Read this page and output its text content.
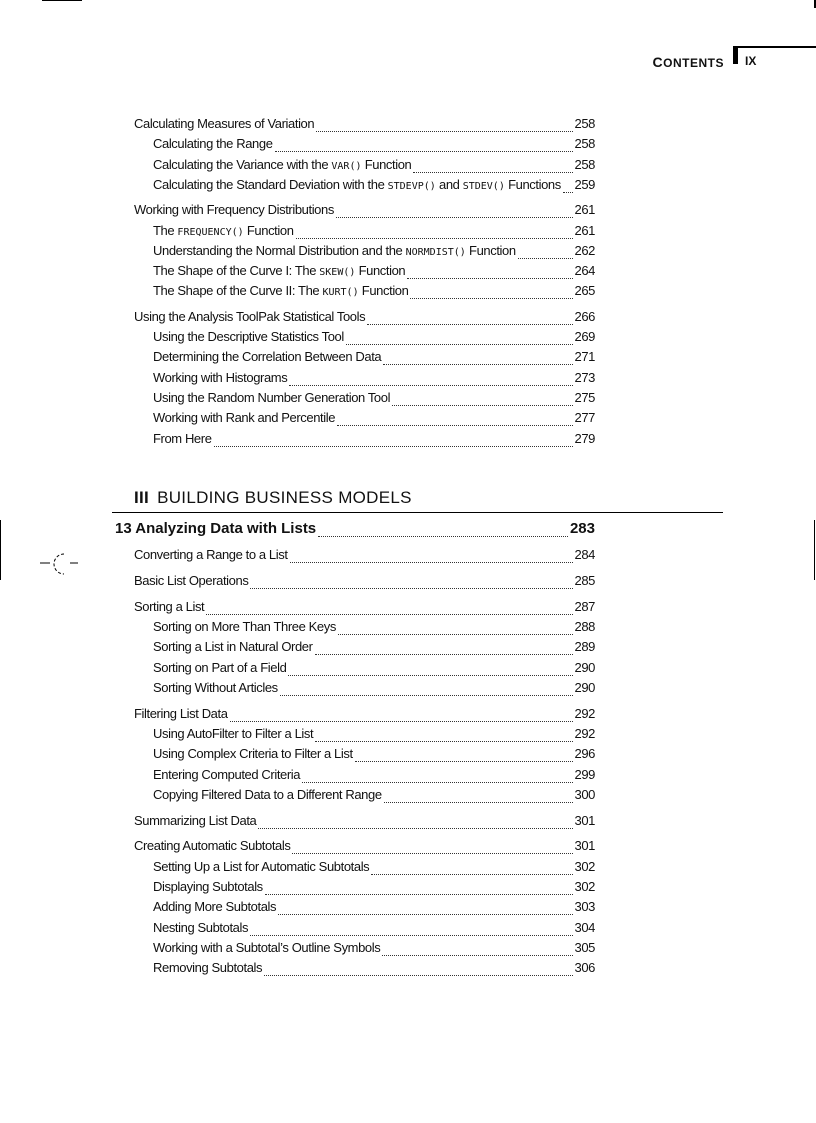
CONTENTS IX
III BUILDING BUSINESS MODELS
13 Analyzing Data with Lists	283
Calculating Measures of Variation	258
Calculating the Range	258
Calculating the Variance with the VAR() Function	258
Calculating the Standard Deviation with the STDEVP() and STDEV() Functions 259
Working with Frequency Distributions	261
The FREQUENCY() Function	261
Understanding the Normal Distribution and the NORMDIST() Function	262
The Shape of the Curve I: The SKEW() Function	264
The Shape of the Curve II: The KURT() Function	265
Using the Analysis ToolPak Statistical Tools	266
Using the Descriptive Statistics Tool	269
Determining the Correlation Between Data	271
Working with Histograms	273
Using the Random Number Generation Tool	275
Working with Rank and Percentile	277
From Here	279
Converting a Range to a List	284
Basic List Operations	285
Sorting a List	287
Sorting on More Than Three Keys	288
Sorting a List in Natural Order	289
Sorting on Part of a Field	290
Sorting Without Articles	290
Filtering List Data	292
Using AutoFilter to Filter a List	292
Using Complex Criteria to Filter a List	296
Entering Computed Criteria	299
Copying Filtered Data to a Different Range	300
Summarizing List Data	301
Creating Automatic Subtotals	301
Setting Up a List for Automatic Subtotals	302
Displaying Subtotals	302
Adding More Subtotals	303
Nesting Subtotals	304
Working with a Subtotal’s Outline Symbols	305
Removing Subtotals	306
